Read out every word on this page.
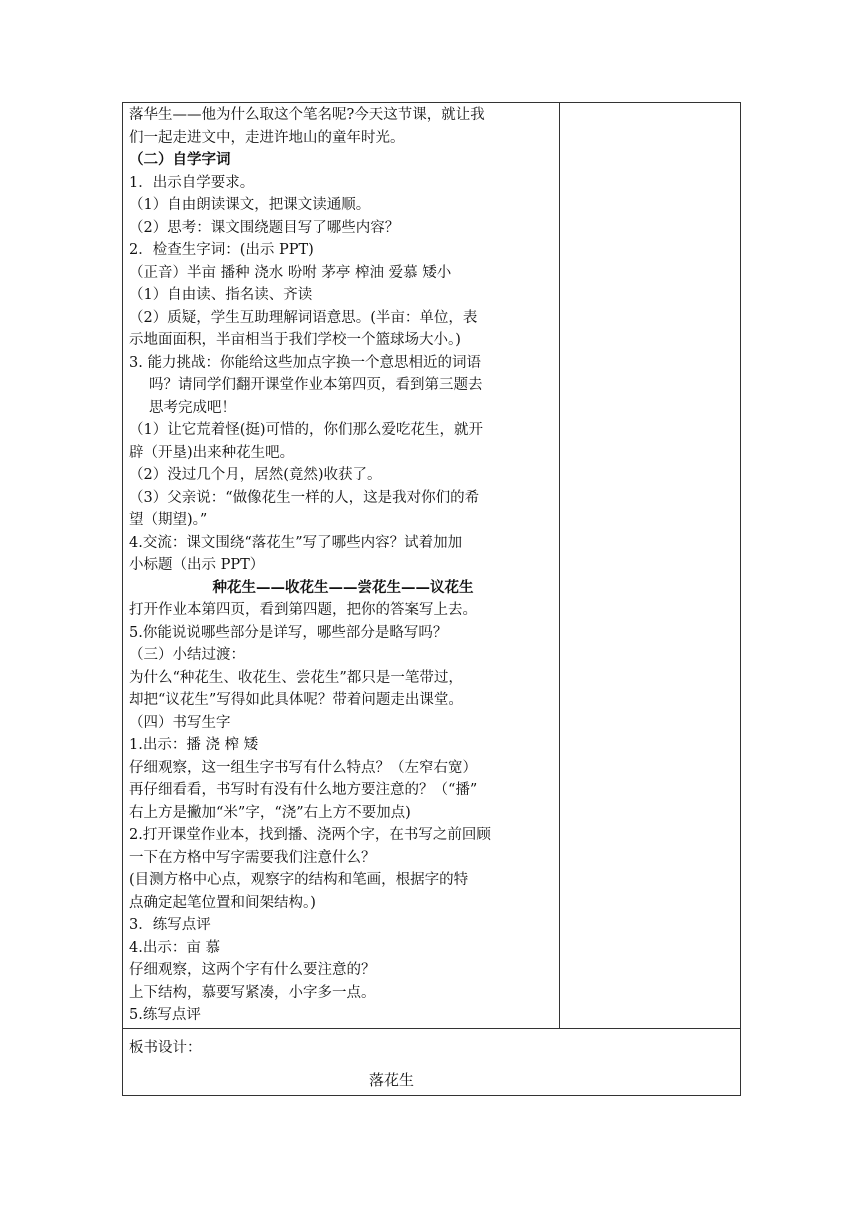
落华生——他为什么取这个笔名呢?今天这节课，就让我
们一起走进文中，走进许地山的童年时光。
（二）自学字词
1．出示自学要求。
（1）自由朗读课文，把课文读通顺。
（2）思考：课文围绕题目写了哪些内容？
2．检查生字词：(出示 PPT)
（正音）半亩 播种 浇水 吩咐 茅亭 榨油 爱慕 矮小
（1）自由读、指名读、齐读
（2）质疑，学生互助理解词语意思。(半亩：单位，表
示地面面积，半亩相当于我们学校一个篮球场大小。)
3. 能力挑战：你能给这些加点字换一个意思相近的词语
吗？请同学们翻开课堂作业本第四页，看到第三题去
思考完成吧！
（1）让它荒着怪(挺)可惜的，你们那么爱吃花生，就开
辟（开垦)出来种花生吧。
（2）没过几个月，居然(竟然)收获了。
（3）父亲说：“做像花生一样的人，这是我对你们的希
望（期望)。”
4.交流：课文围绕“落花生”写了哪些内容？试着加加
小标题（出示 PPT）
种花生——收花生——尝花生——议花生
打开作业本第四页，看到第四题，把你的答案写上去。
5.你能说说哪些部分是详写，哪些部分是略写吗？
（三）小结过渡：
为什么“种花生、收花生、尝花生”都只是一笔带过，
却把“议花生”写得如此具体呢？带着问题走出课堂。
（四）书写生字
1.出示：播 浇 榨 矮
仔细观察，这一组生字书写有什么特点？（左窄右宽）
再仔细看看，书写时有没有什么地方要注意的？（“播”
右上方是撇加“米”字，“浇”右上方不要加点)
2.打开课堂作业本，找到播、浇两个字，在书写之前回顾
一下在方格中写字需要我们注意什么？
(目测方格中心点，观察字的结构和笔画，根据字的特
点确定起笔位置和间架结构。)
3．练写点评
4.出示：亩 慕
仔细观察，这两个字有什么要注意的？
上下结构，慕要写紧凑，小字多一点。
5.练写点评
板书设计：
落花生
